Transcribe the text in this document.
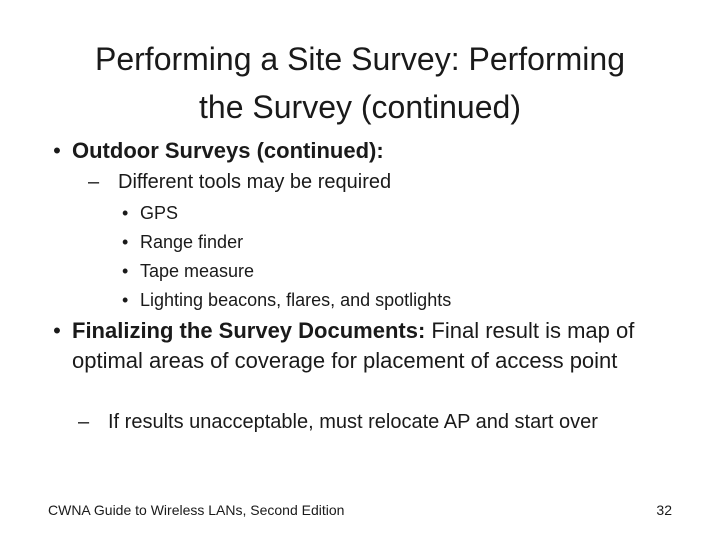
Performing a Site Survey: Performing
the Survey (continued)
• Outdoor Surveys (continued):
– Different tools may be required
• GPS
• Range finder
• Tape measure
• Lighting beacons, flares, and spotlights
• Finalizing the Survey Documents: Final result is map of optimal areas of coverage for placement of access point
– If results unacceptable, must relocate AP and start over
CWNA Guide to Wireless LANs, Second Edition	32
